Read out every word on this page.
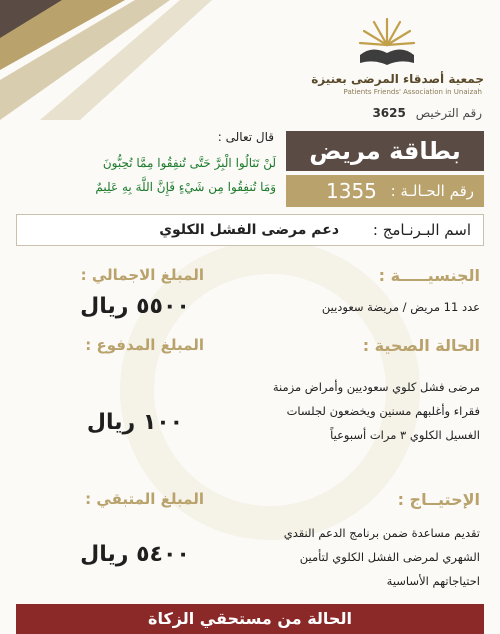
جمعية أصدقاء المرضى بعنيزة
Patients Friends' Association in Unaizah
رقم الترخيص 3625
بطاقة مريض
رقم الحـالـة :
1355
قال تعالى :
لَنْ تَنَالُوا الْبِرَّ حَتَّى تُنفِقُوا مِمَّا تُحِبُّونَ
وَمَا تُنفِقُوا مِن شَيْءٍ فَإِنَّ اللَّهَ بِهِ عَلِيمٌ
اسم البـرنـامج :
دعم مرضى الفشل الكلوي
الجنسيـــــة :
المبلغ الاجمالي :
٥٥٠٠ ريال	عدد 11 مريض / مريضة سعوديين
الحالة الصحية :
المبلغ المدفوع :
مرضى فشل كلوي سعوديين وأمراض مزمنة
فقراء وأغلبهم مسنين ويخضعون لجلسات
الغسيل الكلوي ٣ مرات أسبوعياً
١٠٠ ريال
الإحتيــاج :
المبلغ المتبقي :
تقديم مساعدة ضمن برنامج الدعم النقدي
الشهري لمرضى الفشل الكلوي لتأمين
احتياجاتهم الأساسية
٥٤٠٠ ريال
الحالة من مستحقي الزكاة
